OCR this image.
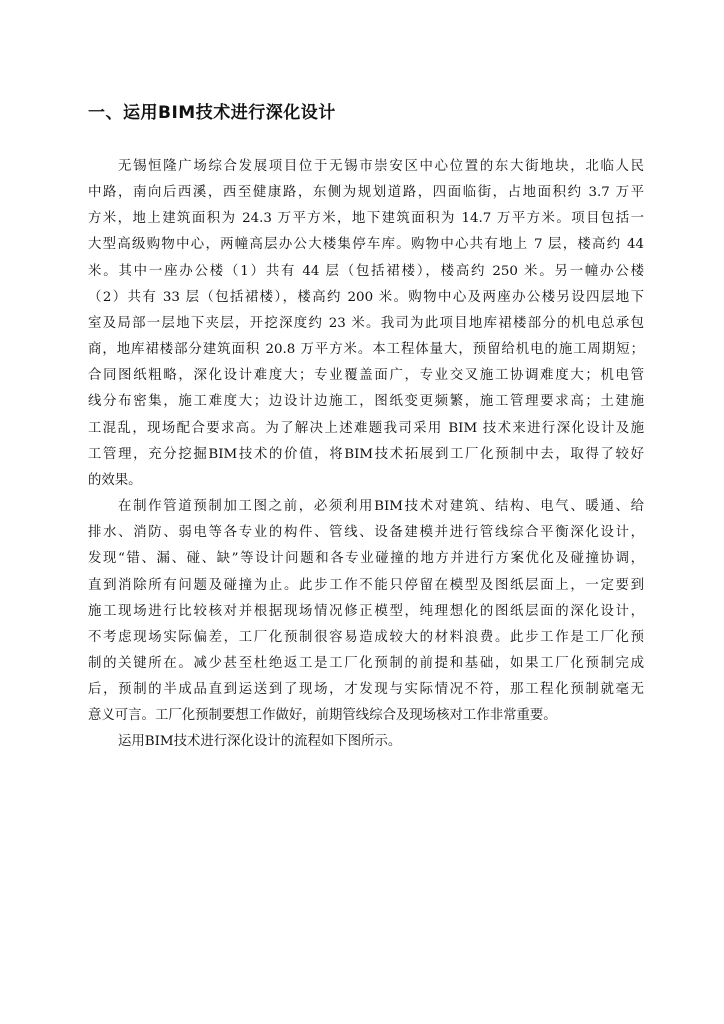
一、运用BIM技术进行深化设计

无锡恒隆广场综合发展项目位于无锡市崇安区中心位置的东大街地块，北临人民
中路，南向后西溪，西至健康路，东侧为规划道路，四面临街，占地面积约 3.7 万平
方米，地上建筑面积为 24.3 万平方米，地下建筑面积为 14.7 万平方米。项目包括一
大型高级购物中心，两幢高层办公大楼集停车库。购物中心共有地上 7 层，楼高约 44
米。其中一座办公楼（1）共有 44 层（包括裙楼），楼高约 250 米。另一幢办公楼
（2）共有 33 层（包括裙楼），楼高约 200 米。购物中心及两座办公楼另设四层地下
室及局部一层地下夹层，开挖深度约 23 米。我司为此项目地库裙楼部分的机电总承包
商，地库裙楼部分建筑面积 20.8 万平方米。本工程体量大，预留给机电的施工周期短；
合同图纸粗略，深化设计难度大；专业覆盖面广，专业交叉施工协调难度大；机电管
线分布密集，施工难度大；边设计边施工，图纸变更频繁，施工管理要求高；土建施
工混乱，现场配合要求高。为了解决上述难题我司采用 BIM 技术来进行深化设计及施
工管理，充分挖掘BIM技术的价值，将BIM技术拓展到工厂化预制中去，取得了较好
的效果。

在制作管道预制加工图之前，必须利用BIM技术对建筑、结构、电气、暖通、给
排水、消防、弱电等各专业的构件、管线、设备建模并进行管线综合平衡深化设计，
发现“错、漏、碰、缺”等设计问题和各专业碰撞的地方并进行方案优化及碰撞协调，
直到消除所有问题及碰撞为止。此步工作不能只停留在模型及图纸层面上，一定要到
施工现场进行比较核对并根据现场情况修正模型，纯理想化的图纸层面的深化设计，
不考虑现场实际偏差，工厂化预制很容易造成较大的材料浪费。此步工作是工厂化预
制的关键所在。减少甚至杜绝返工是工厂化预制的前提和基础，如果工厂化预制完成
后，预制的半成品直到运送到了现场，才发现与实际情况不符，那工程化预制就毫无
意义可言。工厂化预制要想工作做好，前期管线综合及现场核对工作非常重要。

运用BIM技术进行深化设计的流程如下图所示。
